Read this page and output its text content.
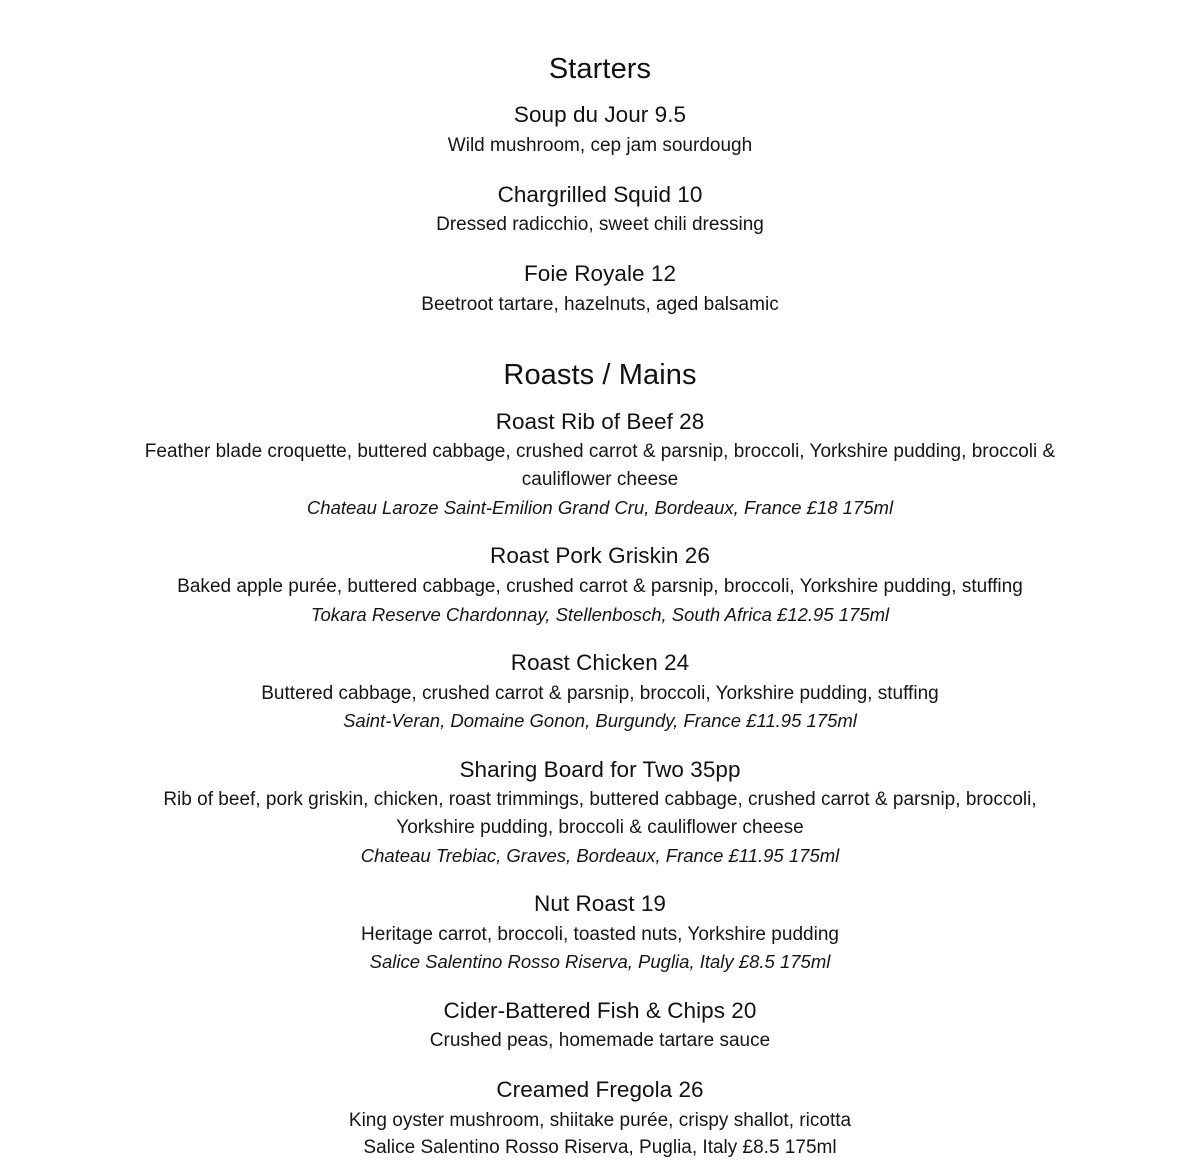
Starters
Soup du Jour 9.5

Wild mushroom, cep jam sourdough

Chargrilled Squid 10

Dressed radicchio, sweet chili dressing

Foie Royale 12

Beetroot tartare, hazelnuts, aged balsamic

Roasts / Mains
Roast Rib of Beef 28

Feather blade croquette, buttered cabbage, crushed carrot & parsnip, broccoli, Yorkshire pudding, broccoli & cauliflower cheese

Chateau Laroze Saint-Emilion Grand Cru, Bordeaux, France £18 175ml

Roast Pork Griskin 26

Baked apple purée, buttered cabbage, crushed carrot & parsnip, broccoli, Yorkshire pudding, stuffing

Tokara Reserve Chardonnay, Stellenbosch, South Africa £12.95 175ml

Roast Chicken 24

Buttered cabbage, crushed carrot & parsnip, broccoli, Yorkshire pudding, stuffing

Saint-Veran, Domaine Gonon, Burgundy, France £11.95 175ml

Sharing Board for Two 35pp

Rib of beef, pork griskin, chicken, roast trimmings, buttered cabbage, crushed carrot & parsnip, broccoli, Yorkshire pudding, broccoli & cauliflower cheese

Chateau Trebiac, Graves, Bordeaux, France £11.95 175ml

Nut Roast 19

Heritage carrot, broccoli, toasted nuts, Yorkshire pudding

Salice Salentino Rosso Riserva, Puglia, Italy £8.5 175ml

Cider-Battered Fish & Chips 20

Crushed peas, homemade tartare sauce

Creamed Fregola 26

King oyster mushroom, shiitake purée, crispy shallot, ricotta

Salice Salentino Rosso Riserva, Puglia, Italy £8.5 175ml
